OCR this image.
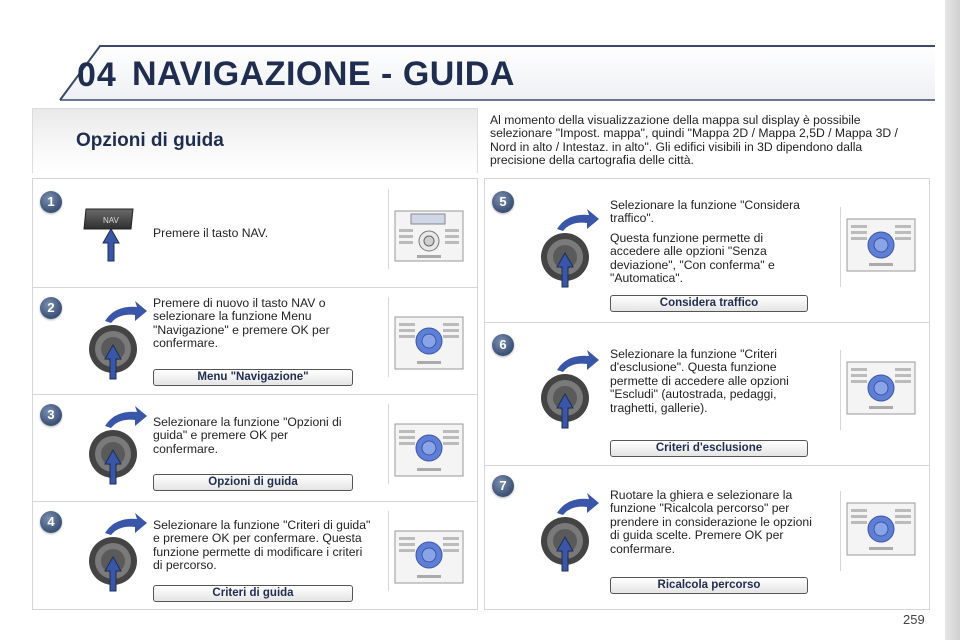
04 NAVIGAZIONE - GUIDA
Opzioni di guida
Al momento della visualizzazione della mappa sul display è possibile selezionare "Impost. mappa", quindi "Mappa 2D / Mappa 2,5D / Mappa 3D / Nord in alto / Intestaz. in alto". Gli edifici visibili in 3D dipendono dalla precisione della cartografia delle città.
1
NAV

Premere il tasto NAV.

2	Premere di nuovo il tasto NAV o selezionare la funzione Menu "Navigazione" e premere OK per confermare.

Menu "Navigazione"
3	Selezionare la funzione "Opzioni di guida" e premere OK per confermare.

Opzioni di guida
4	Selezionare la funzione "Criteri di guida" e premere OK per confermare. Questa funzione permette di modificare i criteri di percorso.

Criteri di guida
5	Selezionare la funzione "Considera traffico".

Questa funzione permette di accedere alle opzioni "Senza deviazione", "Con conferma" e "Automatica".

Considera traffico
6

Selezionare la funzione "Criteri d'esclusione". Questa funzione permette di accedere alle opzioni "Escludi" (autostrada, pedaggi, traghetti, gallerie).

Criteri d'esclusione
7

Ruotare la ghiera e selezionare la funzione "Ricalcola percorso" per prendere in considerazione le opzioni di guida scelte. Premere OK per confermare.

Ricalcola percorso
259
